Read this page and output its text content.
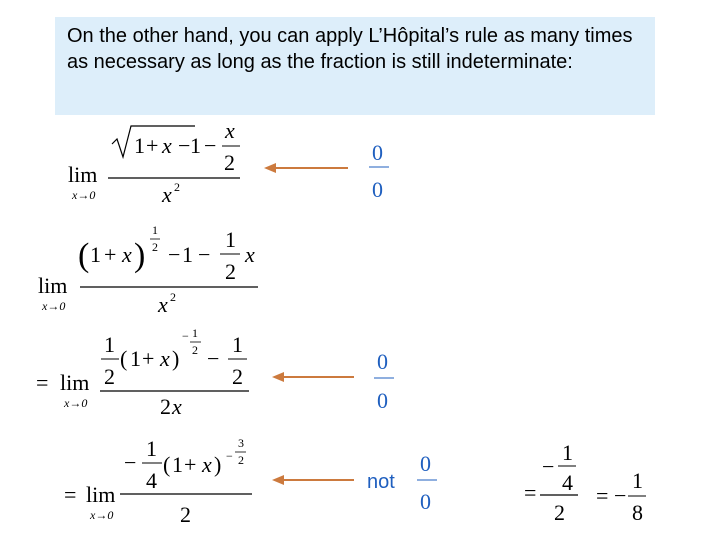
On the other hand, you can apply L’Hôpital’s rule as many times as necessary as long as the fraction is still indeterminate:
lim
x→0
1 + x − 1 −
x
2
x 2
0
0
lim
x→0
( 1 + x )
1
2 − 1 −
1
2
x
x 2
= lim
x→0
1
2
( 1 + x )
− 1
2 −
1
2
2 x
0
0
= lim
x→0
−
1
4
( 1 + x ) −
3
2
2
not
0
0	=
−
1
4
2
= −
1
8
